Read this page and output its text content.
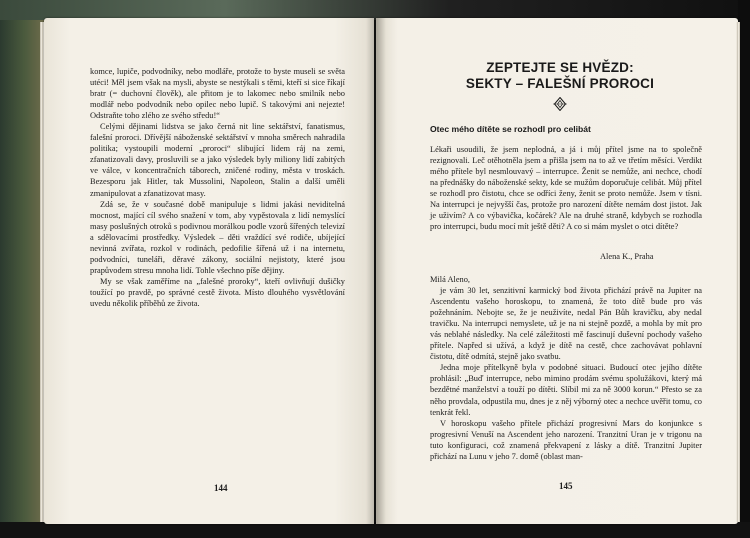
komce, lupiče, podvodníky, nebo modláře, protože to byste museli se světa utéci! Měl jsem však na mysli, abyste se nestýkali s těmi, kteří si sice říkají bratr (= duchovní člověk), ale přitom je to lakomec nebo smilník nebo modlář nebo podvodník nebo opilec nebo lupič. S takovými ani nejezte! Odstraňte toho zlého ze svého středu!“

Celými dějinami lidstva se jako černá nit line sektářství, fanatismus, falešní proroci. Dřívější náboženské sektářství v mnoha směrech nahradila politika; vystoupili moderní „proroci“ slibující lidem ráj na zemi, zfanatizovali davy, prosluvili se a jako výsledek byly miliony lidí zabitých ve válce, v koncentračních táborech, zničené rodiny, města v troskách. Bezesporu jak Hitler, tak Mussolini, Napoleon, Stalin a další uměli zmanipulovat a zfanatizovat masy.

Zdá se, že v současné době manipuluje s lidmi jakási neviditelná mocnost, mající cíl svého snažení v tom, aby vypěstovala z lidí nemyslící masy poslušných otroků s podivnou morálkou podle vzorů šířených televizí a sdělovacími prostředky. Výsledek – děti vraždící své rodiče, ubíjející nevinná zvířata, rozkol v rodinách, pedofilie šířená už i na internetu, podvodníci, tuneláři, děravé zákony, sociální nejistoty, které jsou prapůvodem stresu mnoha lidí. Tohle všechno píše dějiny.

My se však zaměříme na „falešné proroky“, kteří ovlivňují dušičky toužící po pravdě, po správné cestě života. Místo dlouhého vysvětlování uvedu několik příběhů ze života.

144
ZEPTEJTE SE HVĚZD:
SEKTY – FALEŠNÍ PROROCI
Otec mého dítěte se rozhodl pro celibát

Lékaři usoudili, že jsem neplodná, a já i můj přítel jsme na to společně rezignovali. Leč otěhotněla jsem a přišla jsem na to až ve třetím měsíci. Verdikt mého přítele byl nesmlouvavý – interrupce. Ženit se nemůže, ani nechce, chodí na přednášky do náboženské sekty, kde se mužům doporučuje celibát. Můj přítel se rozhodl pro čistotu, chce se odříci ženy, ženit se proto nemůže. Jsem v tísni. Na interrupci je nejvyšší čas, protože pro narození dítěte nemám dost jistot. Jak je uživím? A co výbavička, kočárek? Ale na druhé straně, kdybych se rozhodla pro interrupci, budu mocí mít ještě děti? A co si mám myslet o otci dítěte?

Alena K., Praha

Milá Aleno,

je vám 30 let, senzitivní karmický bod života přichází právě na Jupiter na Ascendentu vašeho horoskopu, to znamená, že toto dítě bude pro vás požehnáním. Nebojte se, že je neuživíte, nedal Pán Bůh kravičku, aby nedal travičku. Na interrupci nemyslete, už je na ni stejně pozdě, a mohla by mít pro vás neblahé následky. Na celé záležitosti mě fascinují duševní pochody vašeho přítele. Napřed si užívá, a když je dítě na cestě, chce zachovávat pohlavní čistotu, dítě odmítá, stejně jako svatbu.

Jedna moje přítelkyně byla v podobné situaci. Budoucí otec jejího dítěte prohlásil: „Buď interrupce, nebo mimino prodám svému spolužákovi, který má bezdětné manželství a touží po dítěti. Slíbil mi za ně 3000 korun.“ Přesto se za něho provdala, odpustila mu, dnes je z něj výborný otec a nechce uvěřit tomu, co tenkrát řekl.

V horoskopu vašeho přítele přichází progresivní Mars do konjunkce s progresivní Venuší na Ascendent jeho narození. Tranzitní Uran je v trigonu na tuto konfiguraci, což znamená překvapení z lásky a dítě. Tranzitní Jupiter přichází na Lunu v jeho 7. domě (oblast man-

145
